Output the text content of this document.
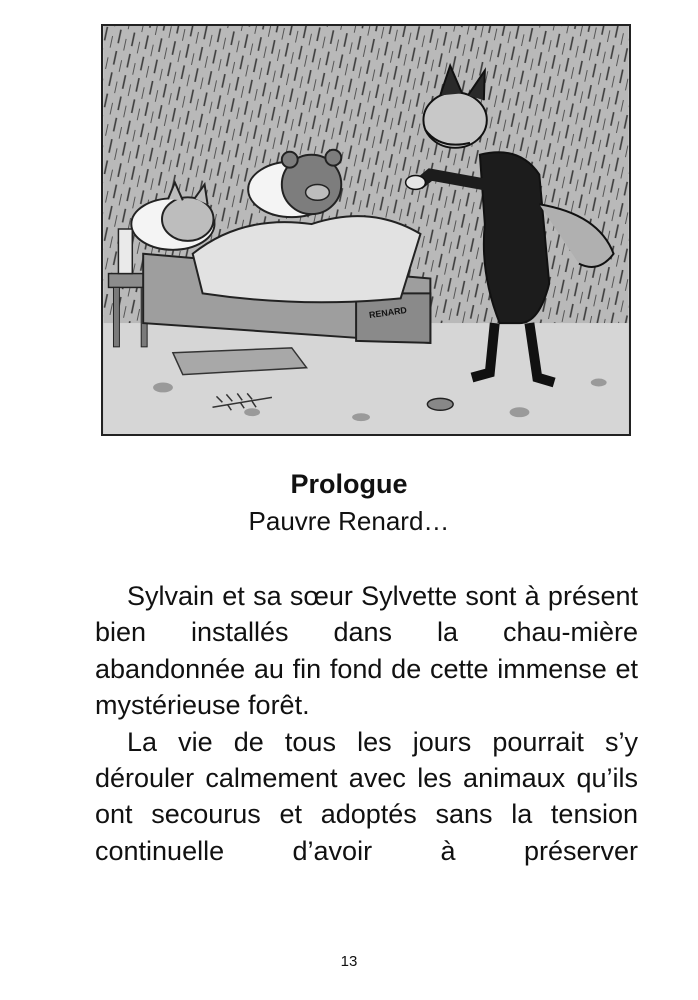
RENARD
Prologue
Pauvre Renard…

Sylvain et sa sœur Sylvette sont à présent bien installés dans la chau-mière abandonnée au fin fond de cette immense et mystérieuse forêt.

La vie de tous les jours pourrait s’y dérouler calmement avec les animaux qu’ils ont secourus et adoptés sans la tension continuelle d’avoir à préserver

13
